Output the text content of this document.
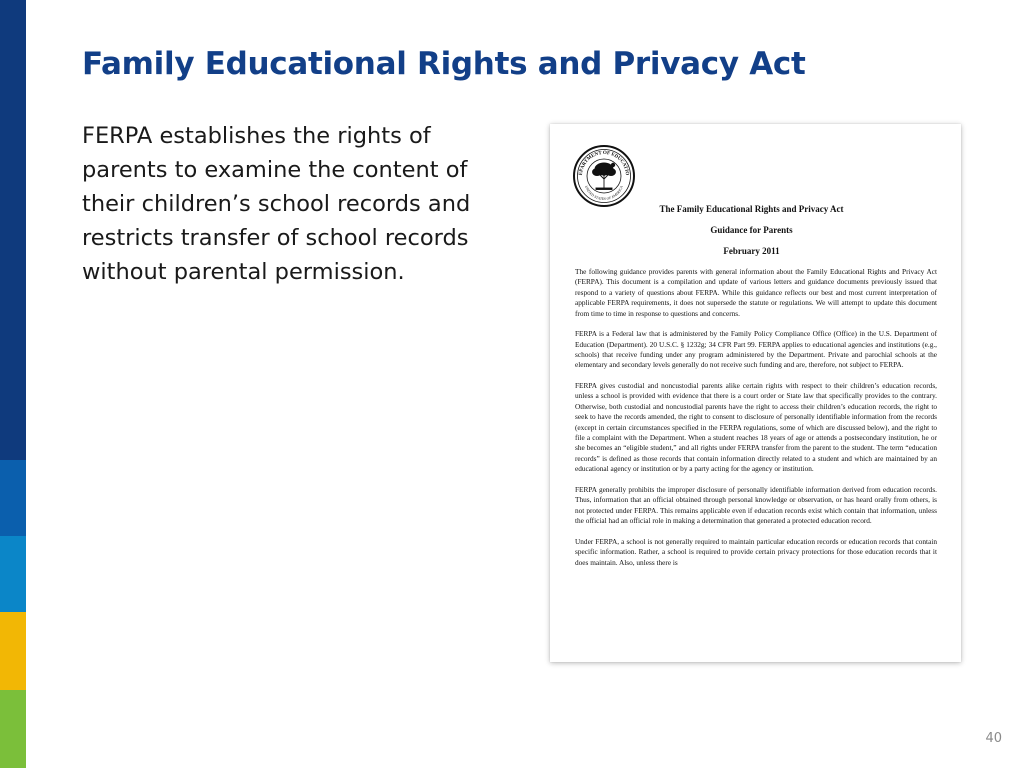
Family Educational Rights and Privacy Act

FERPA establishes the rights of parents to examine the content of their children’s school records and restricts transfer of school records without parental permission.

EPARTMENT OF EDUCATIO
UNITED STATES OF AMERICA
The Family Educational Rights and Privacy Act
Guidance for Parents
February 2011

The following guidance provides parents with general information about the Family Educational Rights and Privacy Act (FERPA). This document is a compilation and update of various letters and guidance documents previously issued that respond to a variety of questions about FERPA. While this guidance reflects our best and most current interpretation of applicable FERPA requirements, it does not supersede the statute or regulations. We will attempt to update this document from time to time in response to questions and concerns.

FERPA is a Federal law that is administered by the Family Policy Compliance Office (Office) in the U.S. Department of Education (Department). 20 U.S.C. § 1232g; 34 CFR Part 99. FERPA applies to educational agencies and institutions (e.g., schools) that receive funding under any program administered by the Department. Private and parochial schools at the elementary and secondary levels generally do not receive such funding and are, therefore, not subject to FERPA.

FERPA gives custodial and noncustodial parents alike certain rights with respect to their children’s education records, unless a school is provided with evidence that there is a court order or State law that specifically provides to the contrary. Otherwise, both custodial and noncustodial parents have the right to access their children’s education records, the right to seek to have the records amended, the right to consent to disclosure of personally identifiable information from the records (except in certain circumstances specified in the FERPA regulations, some of which are discussed below), and the right to file a complaint with the Department. When a student reaches 18 years of age or attends a postsecondary institution, he or she becomes an “eligible student,” and all rights under FERPA transfer from the parent to the student. The term “education records” is defined as those records that contain information directly related to a student and which are maintained by an educational agency or institution or by a party acting for the agency or institution.

FERPA generally prohibits the improper disclosure of personally identifiable information derived from education records. Thus, information that an official obtained through personal knowledge or observation, or has heard orally from others, is not protected under FERPA. This remains applicable even if education records exist which contain that information, unless the official had an official role in making a determination that generated a protected education record.

Under FERPA, a school is not generally required to maintain particular education records or education records that contain specific information. Rather, a school is required to provide certain privacy protections for those education records that it does maintain. Also, unless there is

40
